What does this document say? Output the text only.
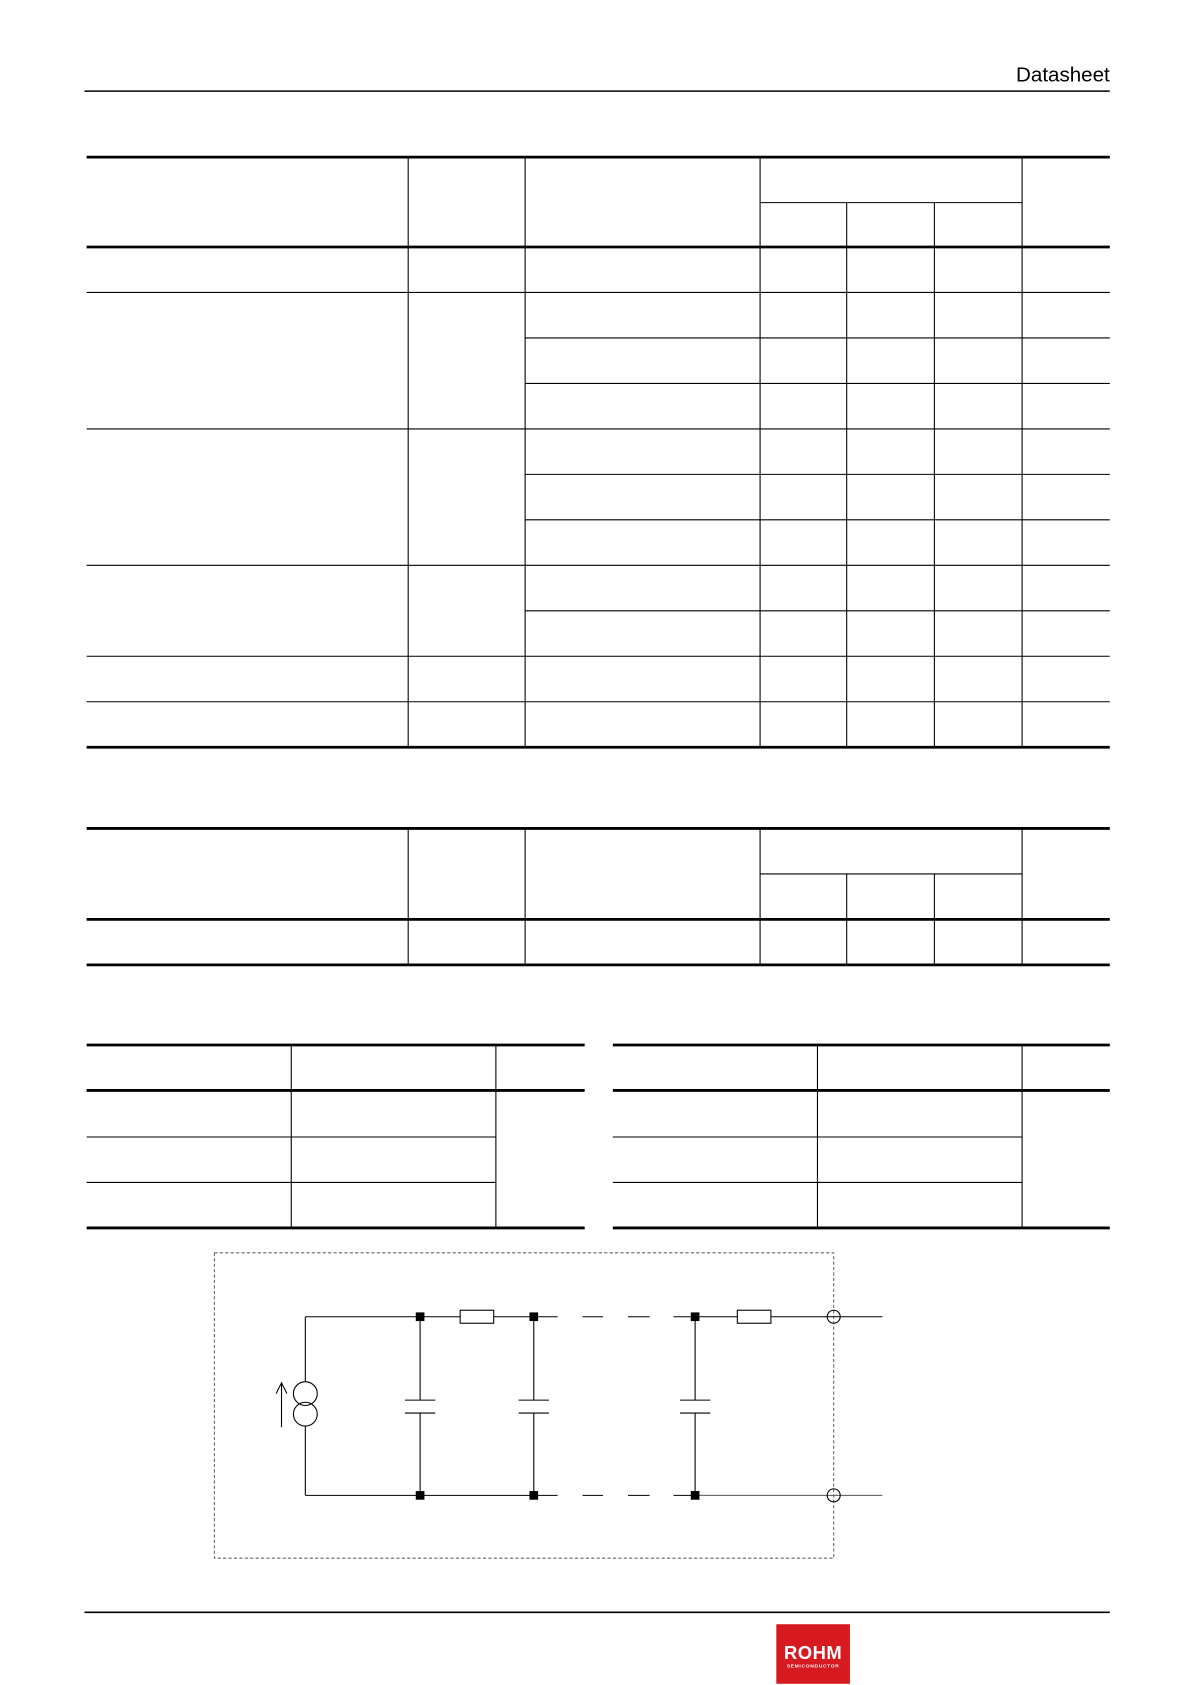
Datasheet
ROHM
SEMICONDUCTOR
